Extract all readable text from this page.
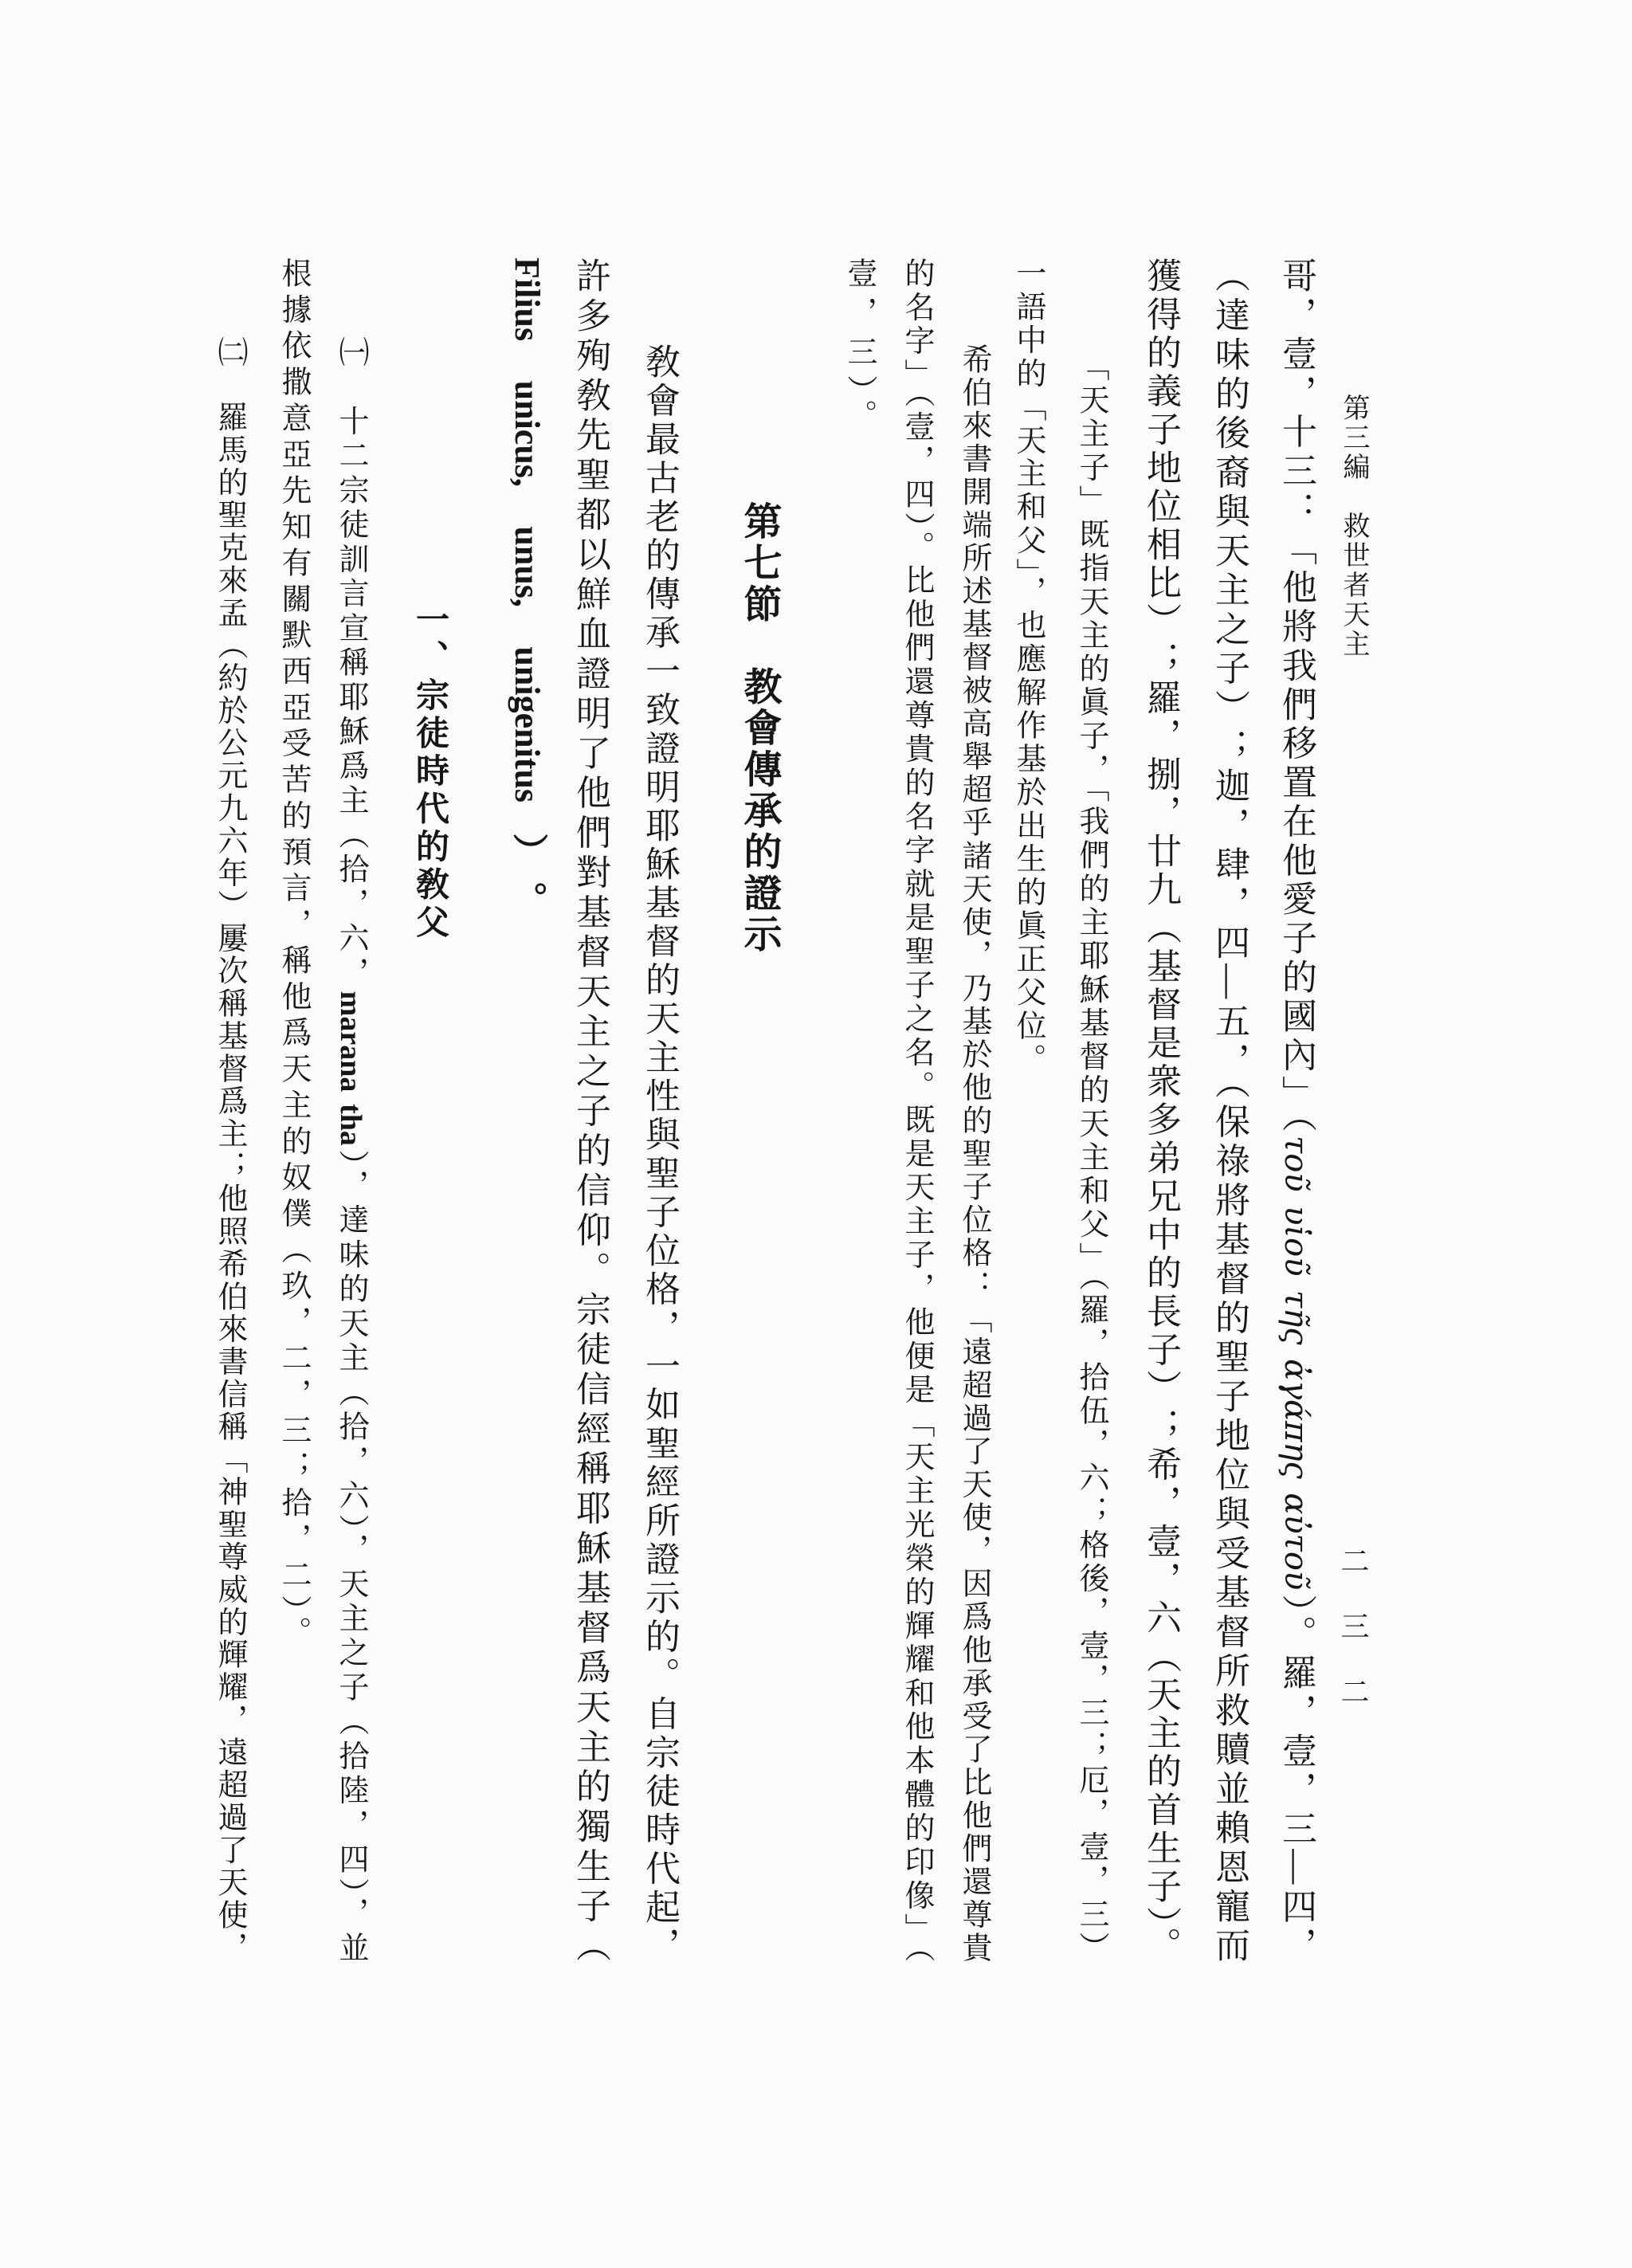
第三編　救世者天主
二三二
哥，壹，十三：「他將我們移置在他愛子的國內」（τοῦ υἱοῦ τῆς ἀγάπης αὐτοῦ）。羅，壹，三—四，
（達味的後裔與天主之子）；迦，肆，四—五，（保祿將基督的聖子地位與受基督所救贖並賴恩寵而
獲得的義子地位相比）；羅，捌，廿九（基督是衆多弟兄中的長子）；希，壹，六（天主的首生子）。
「天主子」既指天主的眞子，「我們的主耶穌基督的天主和父」（羅，拾伍，六；格後，壹，三；厄，壹，三）
一語中的「天主和父」，也應解作基於出生的眞正父位。
希伯來書開端所述基督被高舉超乎諸天使，乃基於他的聖子位格：「遠超過了天使，因爲他承受了比他們還尊貴
的名字」（壹，四）。比他們還尊貴的名字就是聖子之名。既是天主子，他便是「天主光榮的輝耀和他本體的印像」（
壹，三）。
第七節　教會傳承的證示
敎會最古老的傳承一致證明耶穌基督的天主性與聖子位格，一如聖經所證示的。自宗徒時代起，
許多殉敎先聖都以鮮血證明了他們對基督天主之子的信仰。宗徒信經稱耶穌基督爲天主的獨生子（
Filius unicus, unus, unigenitus）。
一、宗徒時代的敎父
㈠　十二宗徒訓言宣稱耶穌爲主（拾，六，marana tha），達味的天主（拾，六），天主之子（拾陸，四），並
根據依撒意亞先知有關默西亞受苦的預言，稱他爲天主的奴僕（玖，二，三；拾，二）。
㈡　羅馬的聖克來孟（約於公元九六年）屢次稱基督爲主；他照希伯來書信稱「神聖尊威的輝耀，遠超過了天使，
